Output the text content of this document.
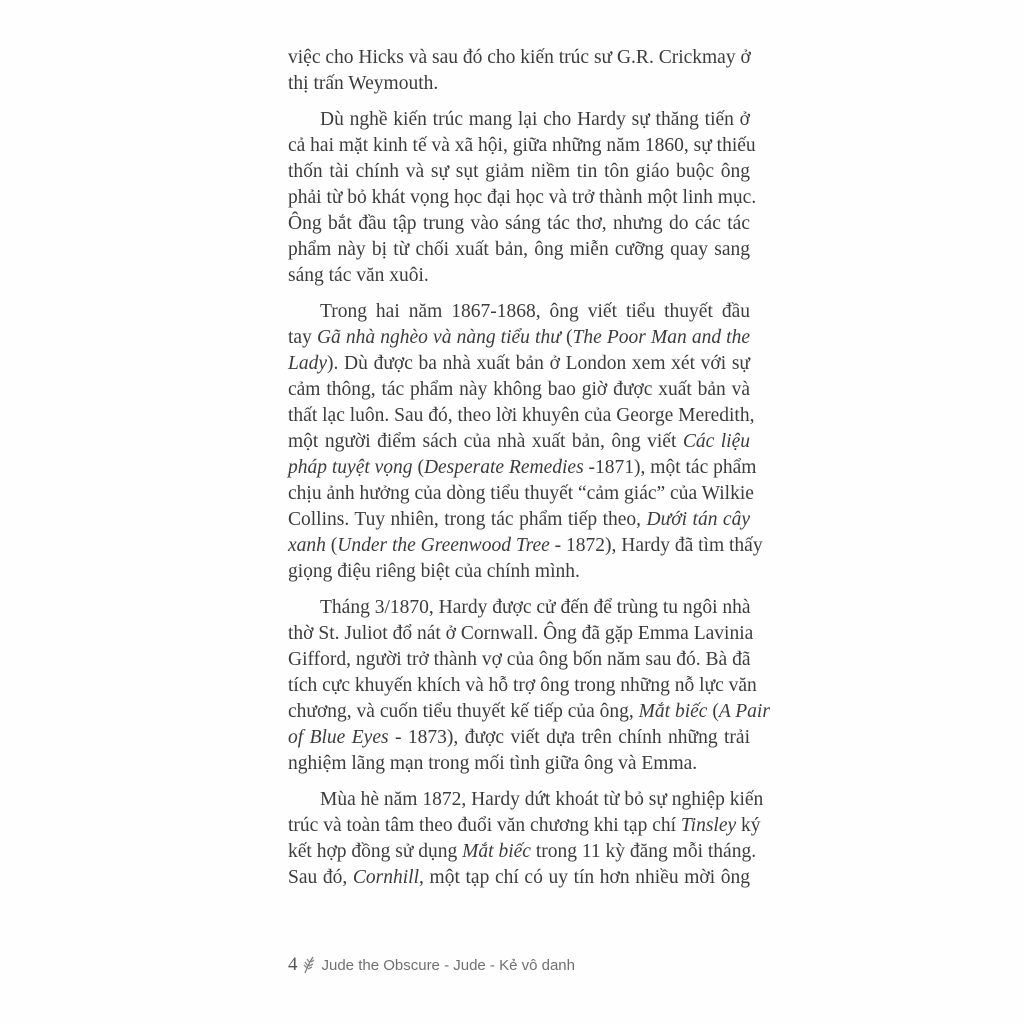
việc cho Hicks và sau đó cho kiến trúc sư G.R. Crickmay ở
thị trấn Weymouth.
Dù nghề kiến trúc mang lại cho Hardy sự thăng tiến ở
cả hai mặt kinh tế và xã hội, giữa những năm 1860, sự thiếu
thốn tài chính và sự sụt giảm niềm tin tôn giáo buộc ông
phải từ bỏ khát vọng học đại học và trở thành một linh mục.
Ông bắt đầu tập trung vào sáng tác thơ, nhưng do các tác
phẩm này bị từ chối xuất bản, ông miễn cưỡng quay sang
sáng tác văn xuôi.
Trong hai năm 1867-1868, ông viết tiểu thuyết đầu
tay Gã nhà nghèo và nàng tiểu thư (The Poor Man and the
Lady). Dù được ba nhà xuất bản ở London xem xét với sự
cảm thông, tác phẩm này không bao giờ được xuất bản và
thất lạc luôn. Sau đó, theo lời khuyên của George Meredith,
một người điểm sách của nhà xuất bản, ông viết Các liệu
pháp tuyệt vọng (Desperate Remedies -1871), một tác phẩm
chịu ảnh hưởng của dòng tiểu thuyết “cảm giác” của Wilkie
Collins. Tuy nhiên, trong tác phẩm tiếp theo, Dưới tán cây
xanh (Under the Greenwood Tree - 1872), Hardy đã tìm thấy
giọng điệu riêng biệt của chính mình.
Tháng 3/1870, Hardy được cử đến để trùng tu ngôi nhà
thờ St. Juliot đổ nát ở Cornwall. Ông đã gặp Emma Lavinia
Gifford, người trở thành vợ của ông bốn năm sau đó. Bà đã
tích cực khuyến khích và hỗ trợ ông trong những nỗ lực văn
chương, và cuốn tiểu thuyết kế tiếp của ông, Mắt biếc (A Pair
of Blue Eyes - 1873), được viết dựa trên chính những trải
nghiệm lãng mạn trong mối tình giữa ông và Emma.
Mùa hè năm 1872, Hardy dứt khoát từ bỏ sự nghiệp kiến
trúc và toàn tâm theo đuổi văn chương khi tạp chí Tinsley ký
kết hợp đồng sử dụng Mắt biếc trong 11 kỳ đăng mỗi tháng.
Sau đó, Cornhill, một tạp chí có uy tín hơn nhiều mời ông
4 Jude the Obscure - Jude - Kẻ vô danh
